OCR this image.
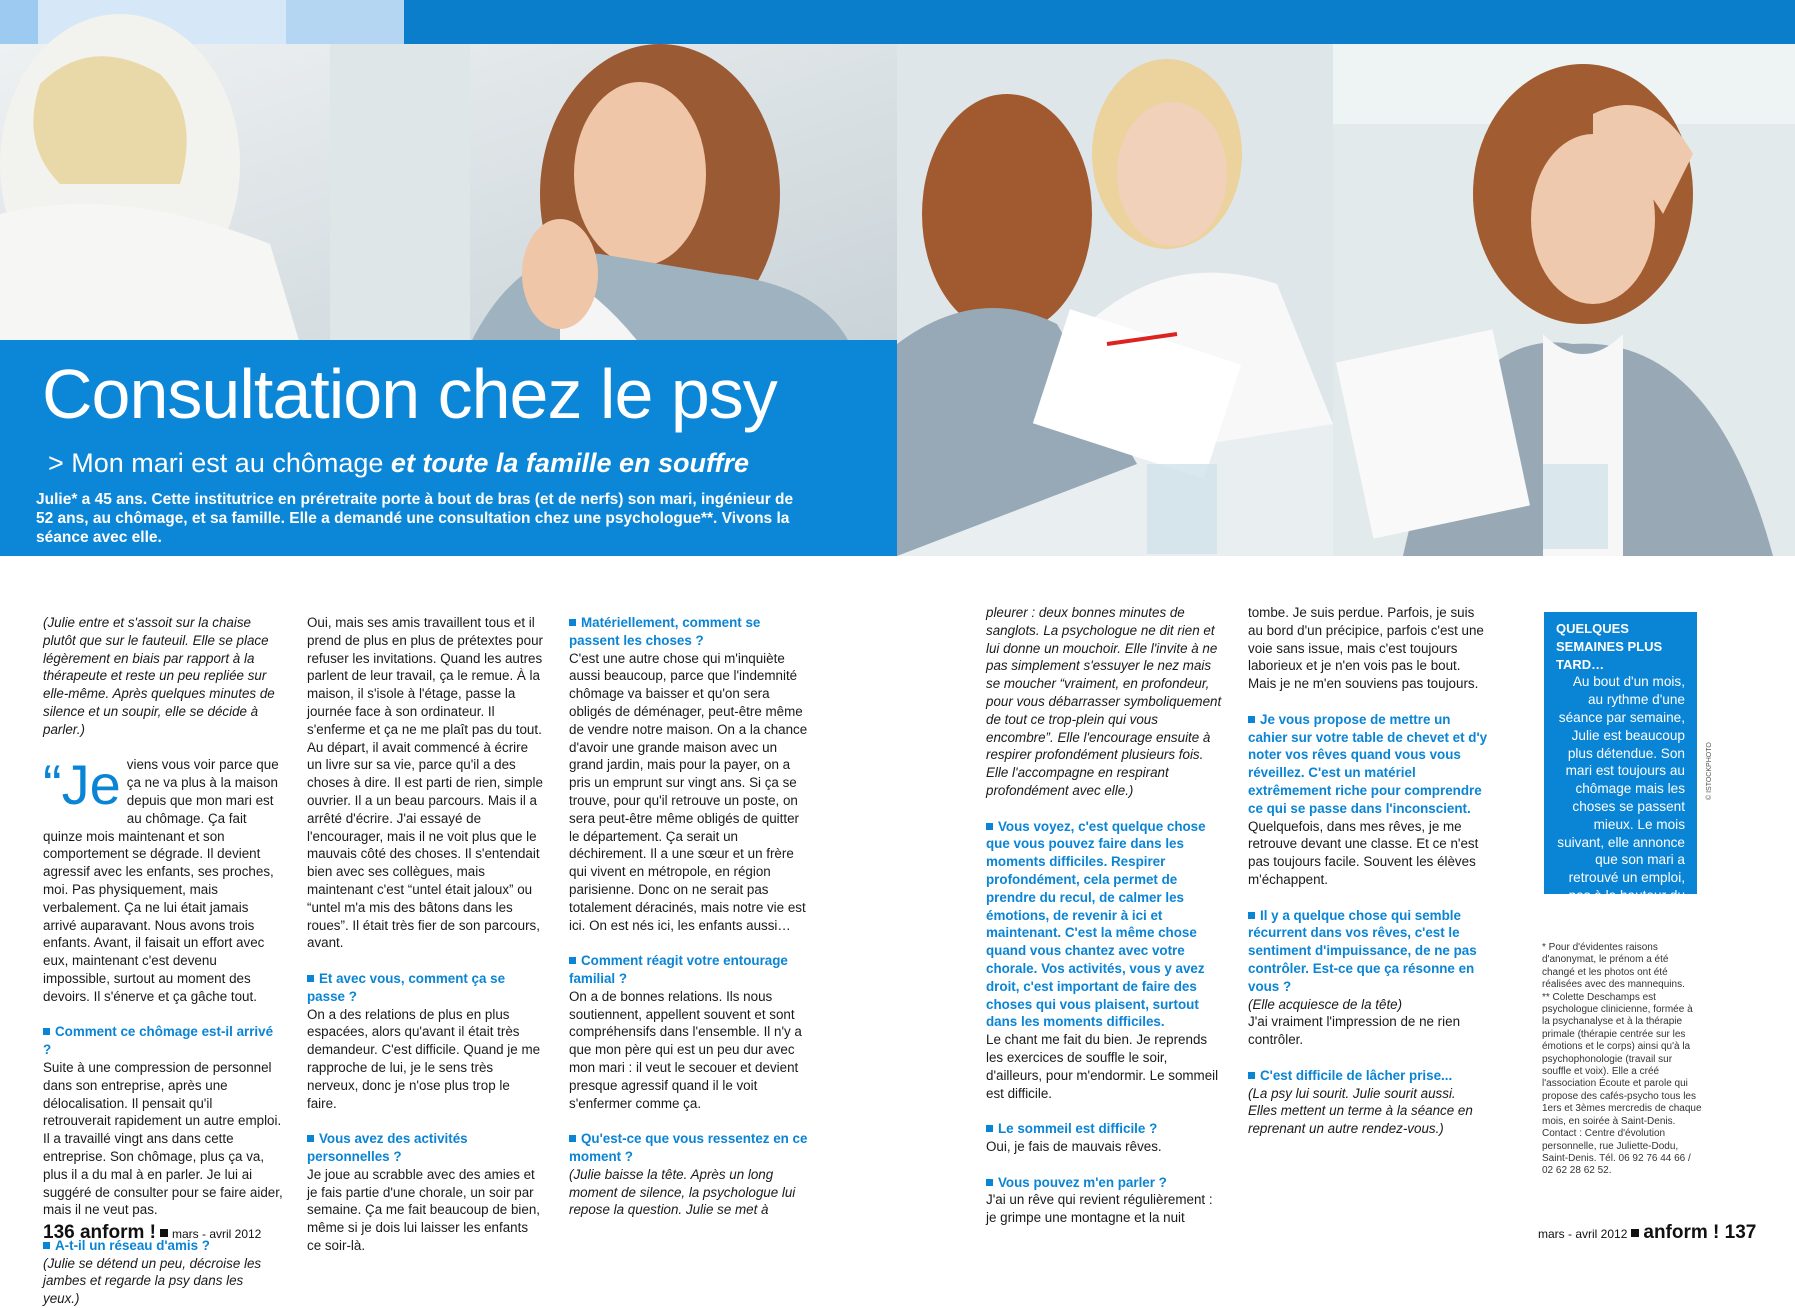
Consultation chez le psy
> Mon mari est au chômage et toute la famille en souffre

Julie* a 45 ans. Cette institutrice en préretraite porte à bout de bras (et de nerfs) son mari, ingénieur de 52 ans, au chômage, et sa famille. Elle a demandé une consultation chez une psychologue**. Vivons la séance avec elle.

(Julie entre et s'assoit sur la chaise plutôt que sur le fauteuil. Elle se place légèrement en biais par rapport à la thérapeute et reste un peu repliée sur elle-même. Après quelques minutes de silence et un soupir, elle se décide à parler.)

“Je viens vous voir parce que ça ne va plus à la maison depuis que mon mari est au chômage. Ça fait quinze mois maintenant et son comportement se dégrade. Il devient agressif avec les enfants, ses proches, moi. Pas physiquement, mais verbalement. Ça ne lui était jamais arrivé auparavant. Nous avons trois enfants. Avant, il faisait un effort avec eux, maintenant c'est devenu impossible, surtout au moment des devoirs. Il s'énerve et ça gâche tout.

Comment ce chômage est-il arrivé ?

Suite à une compression de personnel dans son entreprise, après une délocalisation. Il pensait qu'il retrouverait rapidement un autre emploi. Il a travaillé vingt ans dans cette entreprise. Son chômage, plus ça va, plus il a du mal à en parler. Je lui ai suggéré de consulter pour se faire aider, mais il ne veut pas.

A-t-il un réseau d'amis ?

(Julie se détend un peu, décroise les jambes et regarde la psy dans les yeux.)

Oui, mais ses amis travaillent tous et il prend de plus en plus de prétextes pour refuser les invitations. Quand les autres parlent de leur travail, ça le remue. À la maison, il s'isole à l'étage, passe la journée face à son ordinateur. Il s'enferme et ça ne me plaît pas du tout. Au départ, il avait commencé à écrire un livre sur sa vie, parce qu'il a des choses à dire. Il est parti de rien, simple ouvrier. Il a un beau parcours. Mais il a arrêté d'écrire. J'ai essayé de l'encourager, mais il ne voit plus que le mauvais côté des choses. Il s'entendait bien avec ses collègues, mais maintenant c'est “untel était jaloux” ou “untel m'a mis des bâtons dans les roues”. Il était très fier de son parcours, avant.

Et avec vous, comment ça se passe ?

On a des relations de plus en plus espacées, alors qu'avant il était très demandeur. C'est difficile. Quand je me rapproche de lui, je le sens très nerveux, donc je n'ose plus trop le faire.

Vous avez des activités personnelles ?

Je joue au scrabble avec des amies et je fais partie d'une chorale, un soir par semaine. Ça me fait beaucoup de bien, même si je dois lui laisser les enfants ce soir-là.

Matériellement, comment se passent les choses ?

C'est une autre chose qui m'inquiète aussi beaucoup, parce que l'indemnité chômage va baisser et qu'on sera obligés de déménager, peut-être même de vendre notre maison. On a la chance d'avoir une grande maison avec un grand jardin, mais pour la payer, on a pris un emprunt sur vingt ans. Si ça se trouve, pour qu'il retrouve un poste, on sera peut-être même obligés de quitter le département. Ça serait un déchirement. Il a une sœur et un frère qui vivent en métropole, en région parisienne. Donc on ne serait pas totalement déracinés, mais notre vie est ici. On est nés ici, les enfants aussi…

Comment réagit votre entourage familial ?

On a de bonnes relations. Ils nous soutiennent, appellent souvent et sont compréhensifs dans l'ensemble. Il n'y a que mon père qui est un peu dur avec mon mari : il veut le secouer et devient presque agressif quand il le voit s'enfermer comme ça.

Qu'est-ce que vous ressentez en ce moment ?

(Julie baisse la tête. Après un long moment de silence, la psychologue lui repose la question. Julie se met à

pleurer : deux bonnes minutes de sanglots. La psychologue ne dit rien et lui donne un mouchoir. Elle l'invite à ne pas simplement s'essuyer le nez mais se moucher “vraiment, en profondeur, pour vous débarrasser symboliquement de tout ce trop-plein qui vous encombre”. Elle l'encourage ensuite à respirer profondément plusieurs fois. Elle l'accompagne en respirant profondément avec elle.)

Vous voyez, c'est quelque chose que vous pouvez faire dans les moments difficiles. Respirer profondément, cela permet de prendre du recul, de calmer les émotions, de revenir à ici et maintenant. C'est la même chose quand vous chantez avec votre chorale. Vos activités, vous y avez droit, c'est important de faire des choses qui vous plaisent, surtout dans les moments difficiles.

Le chant me fait du bien. Je reprends les exercices de souffle le soir, d'ailleurs, pour m'endormir. Le sommeil est difficile.

Le sommeil est difficile ?

Oui, je fais de mauvais rêves.

Vous pouvez m'en parler ?

J'ai un rêve qui revient régulièrement : je grimpe une montagne et la nuit

tombe. Je suis perdue. Parfois, je suis au bord d'un précipice, parfois c'est une voie sans issue, mais c'est toujours laborieux et je n'en vois pas le bout. Mais je ne m'en souviens pas toujours.

Je vous propose de mettre un cahier sur votre table de chevet et d'y noter vos rêves quand vous vous réveillez. C'est un matériel extrêmement riche pour comprendre ce qui se passe dans l'inconscient.

Quelquefois, dans mes rêves, je me retrouve devant une classe. Et ce n'est pas toujours facile. Souvent les élèves m'échappent.

Il y a quelque chose qui semble récurrent dans vos rêves, c'est le sentiment d'impuissance, de ne pas contrôler. Est-ce que ça résonne en vous ?

(Elle acquiesce de la tête)

J'ai vraiment l'impression de ne rien contrôler.

C'est difficile de lâcher prise...

(La psy lui sourit. Julie sourit aussi. Elles mettent un terme à la séance en reprenant un autre rendez-vous.)

QUELQUES SEMAINES PLUS TARD…

Au bout d'un mois, au rythme d'une séance par semaine, Julie est beaucoup plus détendue. Son mari est toujours au chômage mais les choses se passent mieux. Le mois suivant, elle annonce que son mari a retrouvé un emploi, pas à la hauteur du précédent mais qui le satisfait quand même.

© ISTOCKPHOTO

* Pour d'évidentes raisons d'anonymat, le prénom a été changé et les photos ont été réalisées avec des mannequins.

** Colette Deschamps est psychologue clinicienne, formée à la psychanalyse et à la thérapie primale (thérapie centrée sur les émotions et le corps) ainsi qu'à la psychophonologie (travail sur souffle et voix). Elle a créé l'association Écoute et parole qui propose des cafés-psycho tous les 1ers et 3èmes mercredis de chaque mois, en soirée à Saint-Denis. Contact : Centre d'évolution personnelle, rue Juliette-Dodu, Saint-Denis. Tél. 06 92 76 44 66 / 02 62 28 62 52.

136 anform ! mars - avril 2012	mars - avril 2012 anform ! 137
